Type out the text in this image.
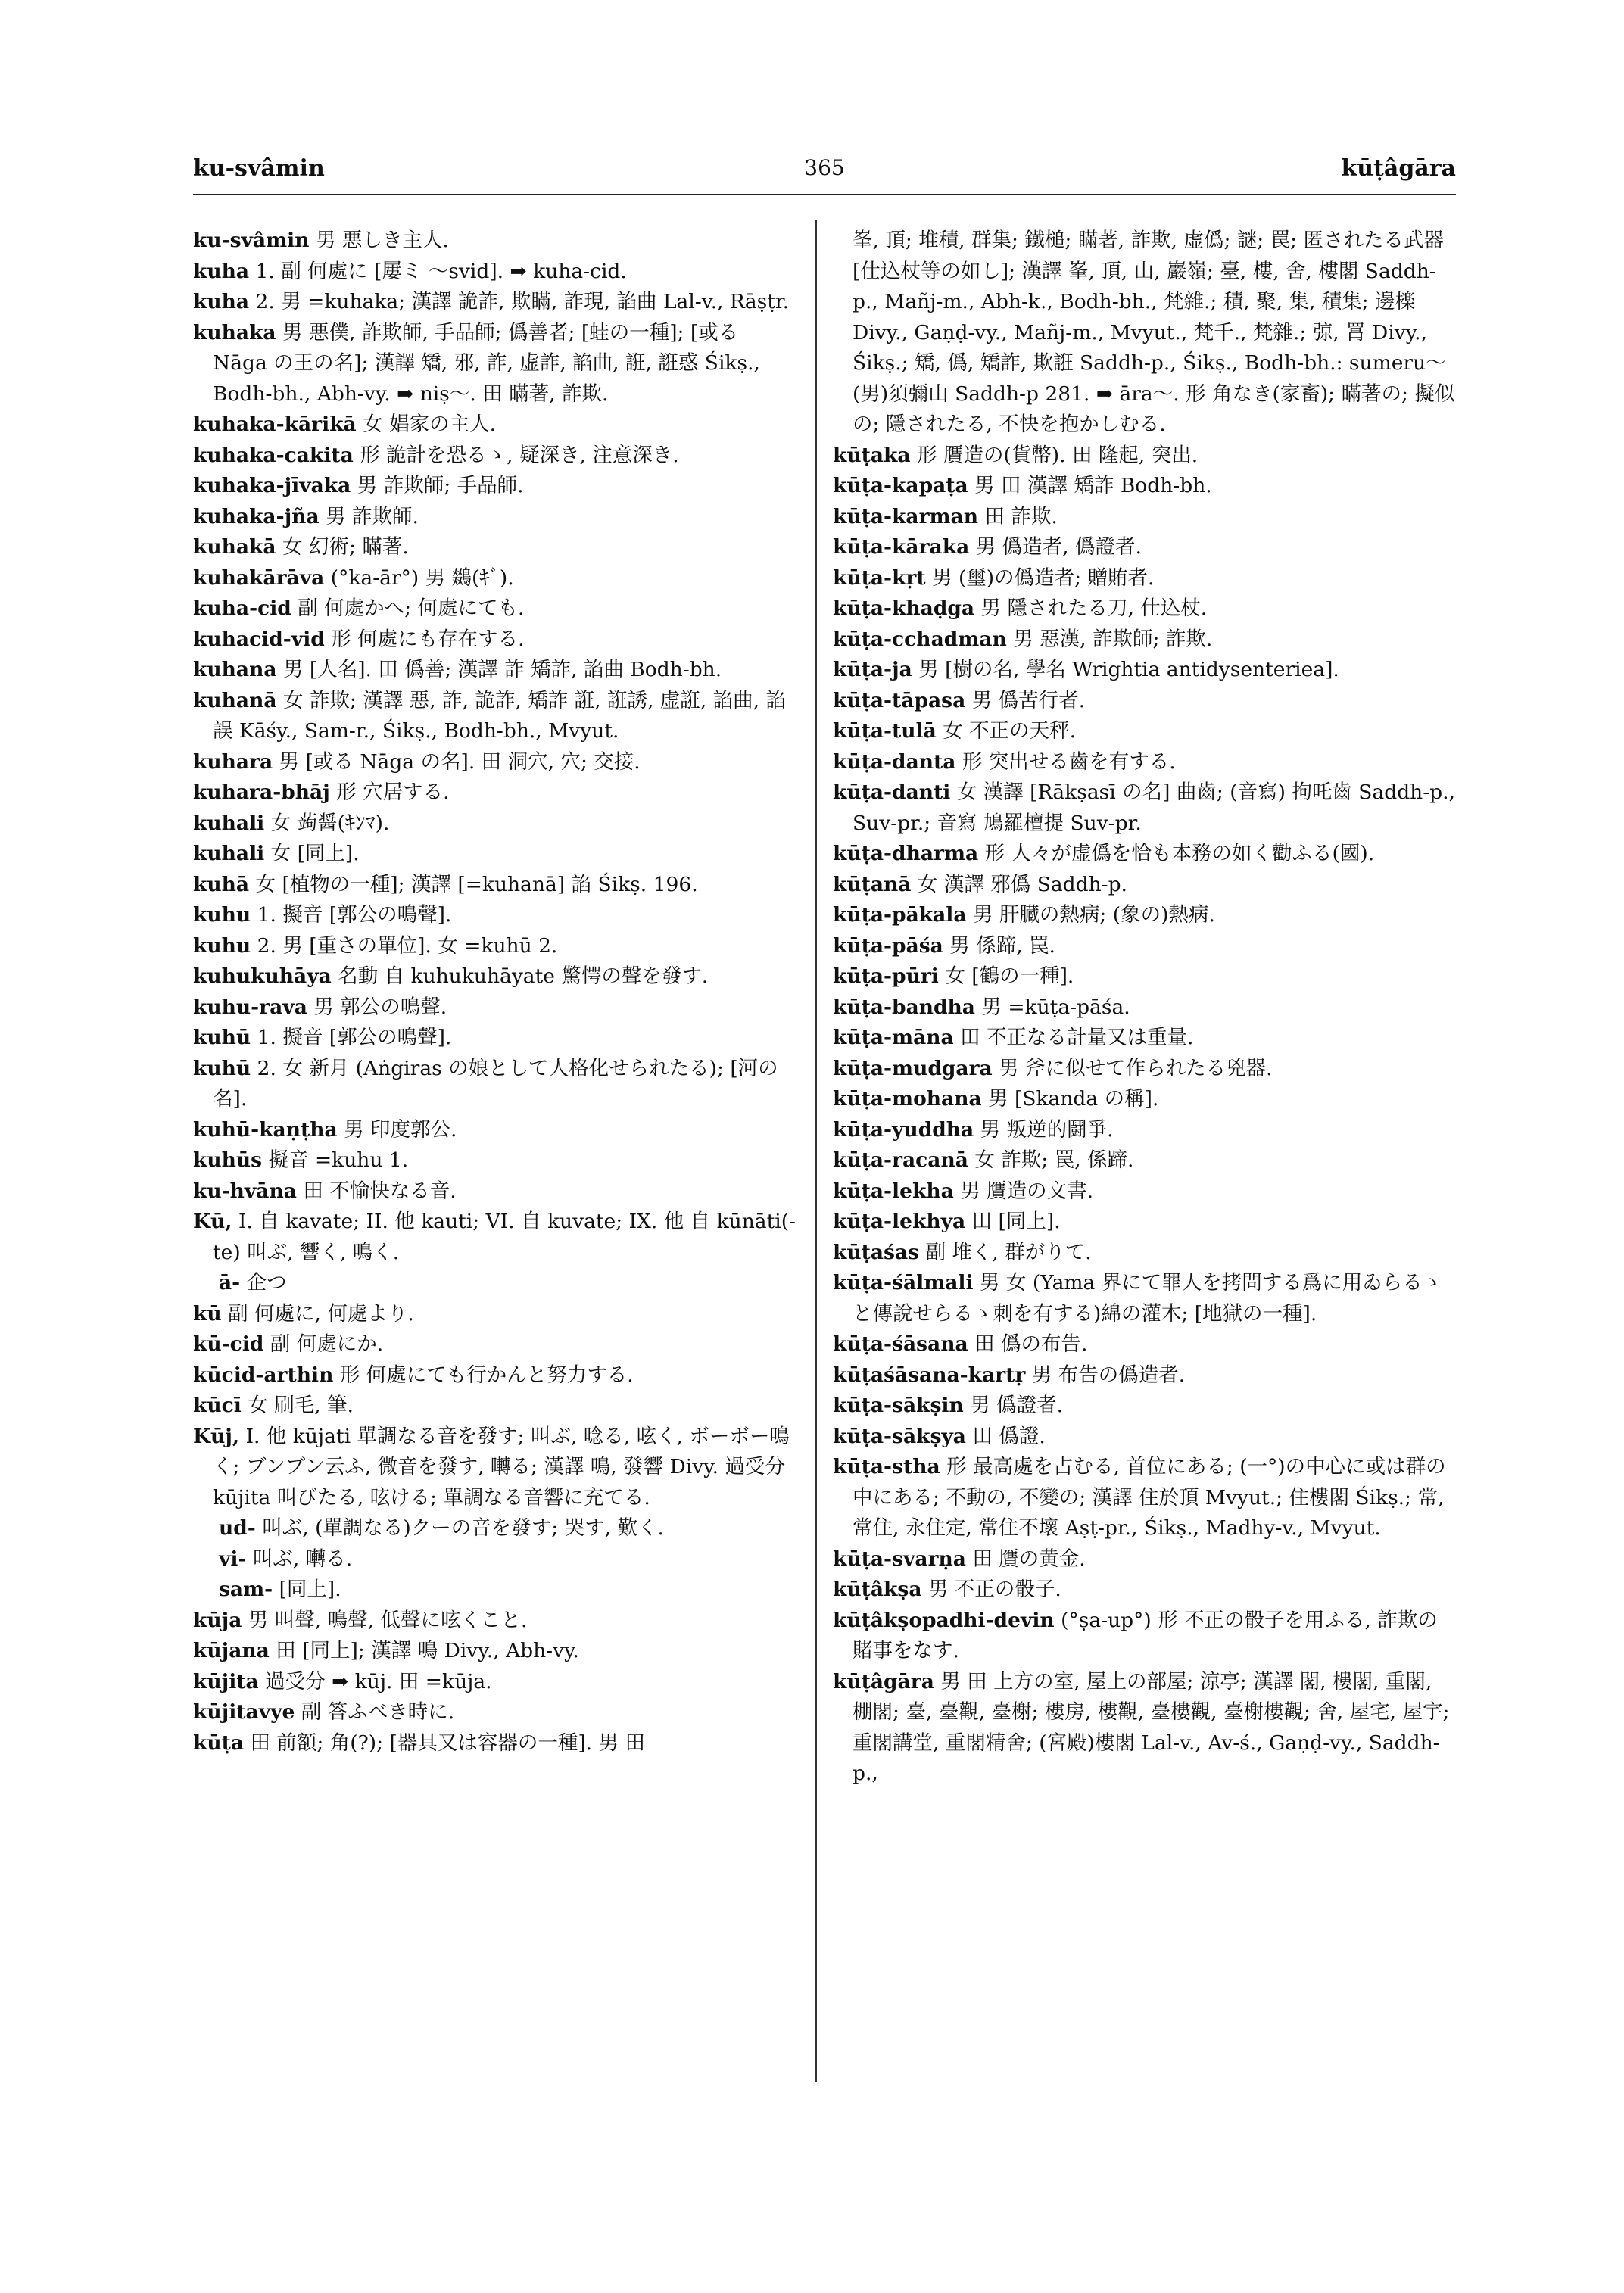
ku-svâmin	365	kūṭâgāra

ku-svâmin 男 悪しき主人.

kuha 1. 副 何處に [屢ミ 〜svid]. ➡ kuha-cid.

kuha 2. 男 =kuhaka; 漢譯 詭詐, 欺瞞, 詐現, 諂曲 Lal-v., Rāṣṭr.

kuhaka 男 悪僕, 詐欺師, 手品師; 僞善者; [蛙の一種]; [或る Nāga の王の名]; 漢譯 矯, 邪, 詐, 虚詐, 諂曲, 誑, 誑惑 Śikṣ., Bodh-bh., Abh-vy. ➡ niṣ〜. 田 瞞著, 詐欺.

kuhaka-kārikā 女 娼家の主人.

kuhaka-cakita 形 詭計を恐るゝ, 疑深き, 注意深き.

kuhaka-jīvaka 男 詐欺師; 手品師.

kuhaka-jña 男 詐欺師.

kuhakā 女 幻術; 瞞著.

kuhakārāva (°ka-ār°) 男 鵽(ｷﾞ).

kuha-cid 副 何處かへ; 何處にても.

kuhacid-vid 形 何處にも存在する.

kuhana 男 [人名]. 田 僞善; 漢譯 詐 矯詐, 諂曲 Bodh-bh.

kuhanā 女 詐欺; 漢譯 惡, 詐, 詭詐, 矯詐 誑, 誑誘, 虚誑, 諂曲, 諂誤 Kāśy., Sam-r., Śikṣ., Bodh-bh., Mvyut.

kuhara 男 [或る Nāga の名]. 田 洞穴, 穴; 交接.

kuhara-bhāj 形 穴居する.

kuhali 女 蒟醤(ｷﾝﾏ).

kuhali 女 [同上].

kuhā 女 [植物の一種]; 漢譯 [=kuhanā] 諂 Śikṣ. 196.

kuhu 1. 擬音 [郭公の鳴聲].

kuhu 2. 男 [重さの單位]. 女 =kuhū 2.

kuhukuhāya 名動 自 kuhukuhāyate 驚愕の聲を發す.

kuhu-rava 男 郭公の鳴聲.

kuhū 1. 擬音 [郭公の鳴聲].

kuhū 2. 女 新月 (Aṅgiras の娘として人格化せられたる); [河の名].

kuhū-kaṇṭha 男 印度郭公.

kuhūs 擬音 =kuhu 1.

ku-hvāna 田 不愉快なる音.

Kū, I. 自 kavate; II. 他 kauti; VI. 自 kuvate; IX. 他 自 kūnāti(-te) 叫ぶ, 響く, 鳴く.

ā- 企つ

kū 副 何處に, 何處より.

kū-cid 副 何處にか.

kūcid-arthin 形 何處にても行かんと努力する.

kūcī 女 刷毛, 筆.

Kūj, I. 他 kūjati 單調なる音を發す; 叫ぶ, 唸る, 呟く, ボーボー鳴く; ブンブン云ふ, 微音を發す, 囀る; 漢譯 鳴, 發響 Divy. 過受分 kūjita 叫びたる, 呟ける; 單調なる音響に充てる.

ud- 叫ぶ, (單調なる)クーの音を發す; 哭す, 歎く.

vi- 叫ぶ, 囀る.

sam- [同上].

kūja 男 叫聲, 鳴聲, 低聲に呟くこと.

kūjana 田 [同上]; 漢譯 鳴 Divy., Abh-vy.

kūjita 過受分 ➡ kūj. 田 =kūja.

kūjitavye 副 答ふべき時に.

kūṭa 田 前額; 角(?); [器具又は容器の一種]. 男 田

峯, 頂; 堆積, 群集; 鐵槌; 瞞著, 詐欺, 虚僞; 謎; 罠; 匿されたる武器 [仕込杖等の如し]; 漢譯 峯, 頂, 山, 巖嶺; 臺, 樓, 舍, 樓閣 Saddh-p., Mañj-m., Abh-k., Bodh-bh., 梵雜.; 積, 聚, 集, 積集; 邊檪 Divy., Gaṇḍ-vy., Mañj-m., Mvyut., 梵千., 梵雜.; 弶, 罥 Divy., Śikṣ.; 矯, 僞, 矯詐, 欺誑 Saddh-p., Śikṣ., Bodh-bh.: sumeru〜(男)須彌山 Saddh-p 281. ➡ āra〜. 形 角なき(家畜); 瞞著の; 擬似の; 隱されたる, 不快を抱かしむる.

kūṭaka 形 贋造の(貨幣). 田 隆起, 突出.

kūṭa-kapaṭa 男 田 漢譯 矯詐 Bodh-bh.

kūṭa-karman 田 詐欺.

kūṭa-kāraka 男 僞造者, 僞證者.

kūṭa-kṛt 男 (璽)の僞造者; 贈賄者.

kūṭa-khaḍga 男 隱されたる刀, 仕込杖.

kūṭa-cchadman 男 惡漢, 詐欺師; 詐欺.

kūṭa-ja 男 [樹の名, 學名 Wrightia antidysenteriea].

kūṭa-tāpasa 男 僞苦行者.

kūṭa-tulā 女 不正の天秤.

kūṭa-danta 形 突出せる齒を有する.

kūṭa-danti 女 漢譯 [Rākṣasī の名] 曲齒; (音寫) 拘吒齒 Saddh-p., Suv-pr.; 音寫 鳩羅檀提 Suv-pr.

kūṭa-dharma 形 人々が虚僞を恰も本務の如く勸ふる(國).

kūṭanā 女 漢譯 邪僞 Saddh-p.

kūṭa-pākala 男 肝臓の熱病; (象の)熱病.

kūṭa-pāśa 男 係蹄, 罠.

kūṭa-pūri 女 [鶴の一種].

kūṭa-bandha 男 =kūṭa-pāśa.

kūṭa-māna 田 不正なる計量又は重量.

kūṭa-mudgara 男 斧に似せて作られたる兇器.

kūṭa-mohana 男 [Skanda の稱].

kūṭa-yuddha 男 叛逆的鬪爭.

kūṭa-racanā 女 詐欺; 罠, 係蹄.

kūṭa-lekha 男 贋造の文書.

kūṭa-lekhya 田 [同上].

kūṭaśas 副 堆く, 群がりて.

kūṭa-śālmali 男 女 (Yama 界にて罪人を拷問する爲に用ゐらるゝと傳說せらるゝ刺を有する)綿の灌木; [地獄の一種].

kūṭa-śāsana 田 僞の布告.

kūṭaśāsana-kartṛ 男 布告の僞造者.

kūṭa-sākṣin 男 僞證者.

kūṭa-sākṣya 田 僞證.

kūṭa-stha 形 最高處を占むる, 首位にある; (一°)の中心に或は群の中にある; 不動の, 不變の; 漢譯 住於頂 Mvyut.; 住樓閣 Śikṣ.; 常, 常住, 永住定, 常住不壞 Aṣṭ-pr., Śikṣ., Madhy-v., Mvyut.

kūṭa-svarṇa 田 贋の黄金.

kūṭâkṣa 男 不正の骰子.

kūṭâkṣopadhi-devin (°ṣa-up°) 形 不正の骰子を用ふる, 詐欺の賭事をなす.

kūṭâgāra 男 田 上方の室, 屋上の部屋; 涼亭; 漢譯 閣, 樓閣, 重閣, 棚閣; 臺, 臺觀, 臺榭; 樓房, 樓觀, 臺樓觀, 臺榭樓觀; 舍, 屋宅, 屋宇; 重閣講堂, 重閣精舍; (宮殿)樓閣 Lal-v., Av-ś., Gaṇḍ-vy., Saddh-p.,
